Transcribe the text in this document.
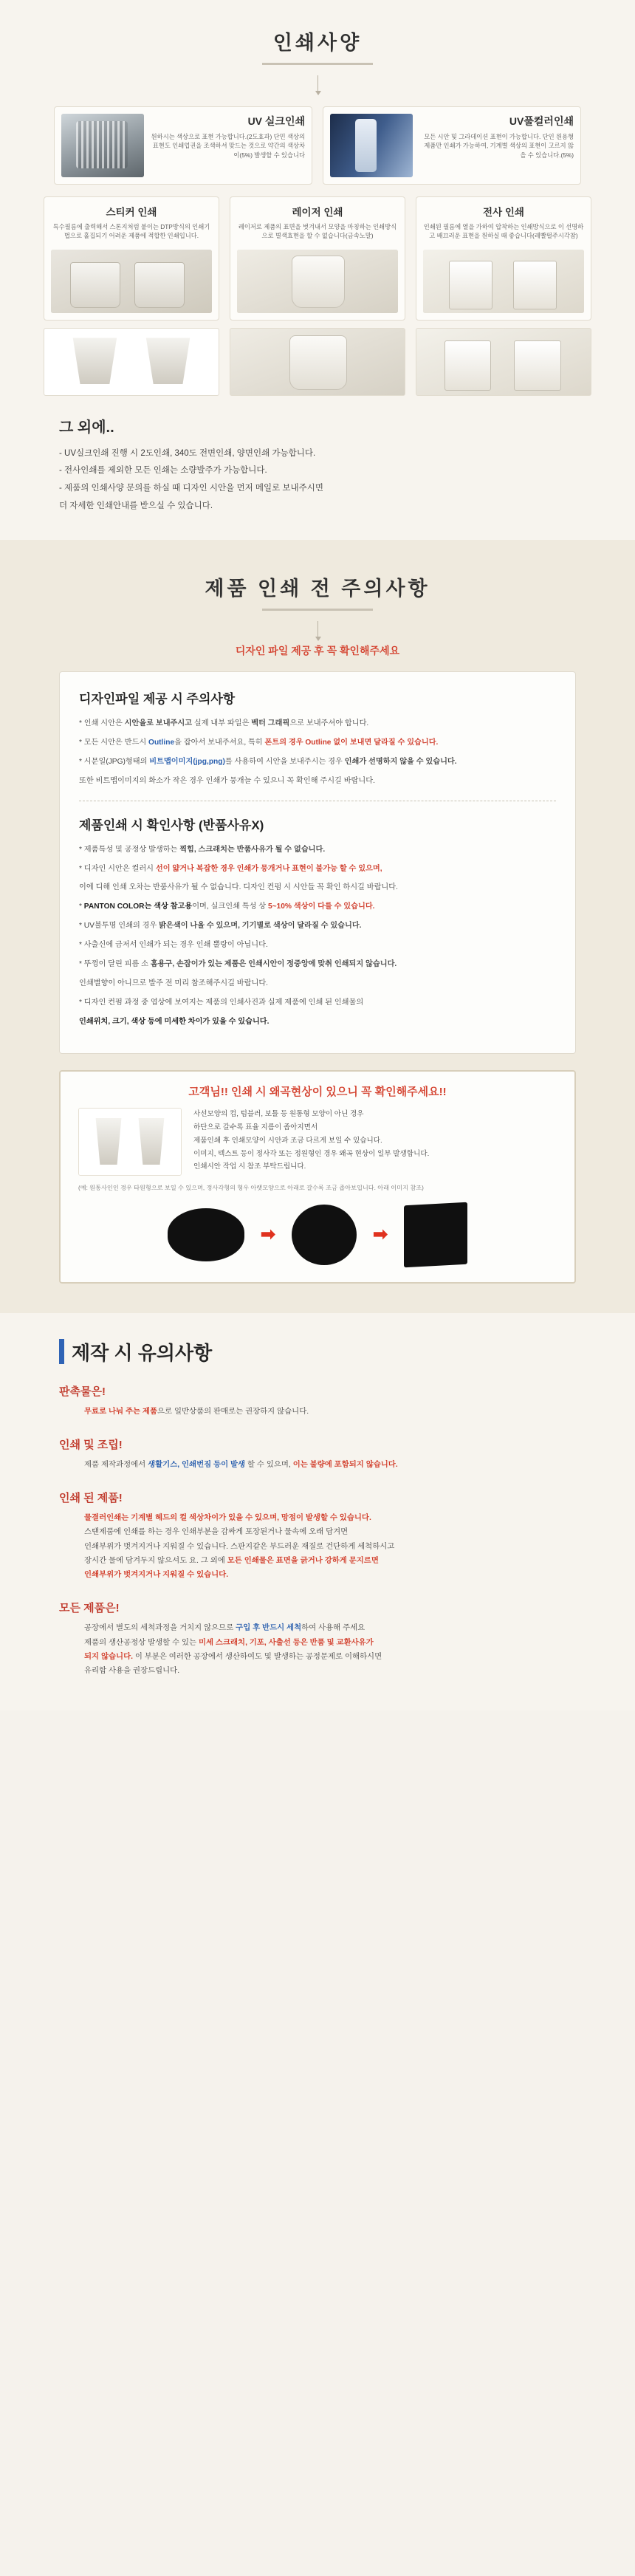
인쇄사양
UV 실크인쇄
원하시는 색상으로 표현 가능합니다.(2도효과) 단민 색상의 표현도 인쇄업권을 조색하셔 맞드는 것으로 약간의 색상차이(5%) 발생할 수 있습니다
UV풀컬러인쇄
모든 시안 및 그라데이션 표현이 가능합니다. 단인 원용형 제품만 인쇄가 가능하여, 기계별 색상의 표현이 고르지 않을 수 있습니다.(5%)
스티커 인쇄
특수필름에 출력해서 스톤지처럼 붙이는 DTP방식의 인쇄기법으로 홀집되기 어려운 제품에 적합한 인쇄입니다.
레이저 인쇄
레이저로 제품의 표면을 벗겨내서 모양을 마칭하는 인쇄방식으로 별색효현을 할 수 없습니다(금속노말)
전사 인쇄
인쇄된 필름에 열을 가하여 압착하는 인쇄방식으로 이 선명하고 배끄러운 표현을 원하실 때 좋습니다(레빨펄주시각참)
그 외에..
- UV실크인쇄 진행 시 2도인쇄, 340도 전면인쇄, 양면인쇄 가능합니다.
- 전사인쇄를 제외한 모든 인쇄는 소량발주가 가능합니다.
- 제품의 인쇄사양 문의를 하실 때 디자인 시안을 먼저 메일로 보내주시면
더 자세한 인쇄안내를 받으실 수 있습니다.
제품 인쇄 전 주의사항
디자인 파일 제공 후 꼭 확인해주세요
디자인파일 제공 시 주의사항
* 인쇄 시안은 시안을로 보내주시고 실제 내부 파일은 벡터 그래픽으로 보내주셔야 합니다.
* 모든 시안은 반드시 Outline을 잡아서 보내주셔요, 특히 폰트의 경우 Outline 없이 보내면 달라질 수 있습니다.
* 시문일(JPG)형태의 비트맵이미지(jpg,png)를 사용하여 시안을 보내주시는 경우 인쇄가 선명하지 않을 수 있습니다.
또한 비트맵이미지의 화소가 작은 경우 인쇄가 뭉개늘 수 있으니 꼭 확인해 주시길 바랍니다.
제품인쇄 시 확인사항 (반품사유X)
* 제품특성 및 공정상 발생하는 찍힘, 스크래치는 반품사유가 될 수 없습니다.
* 디자인 시안은 컬러시 선이 얇거나 복잡한 경우 인쇄가 뭉개거나 표현이 불가능 할 수 있으며,
이에 디해 인쇄 오차는 반품사유가 될 수 없습니다. 디자인 컨펌 시 시안들 꼭 확인 하시길 바랍니다.
* PANTON COLOR는 색상 참고용이며, 실크인쇄 특성 상 5~10% 색상이 다를 수 있습니다.
* UV불투명 인쇄의 경우 밝은색이 나올 수 있으며, 기기별로 색상이 달라질 수 있습니다.
* 사출신에 금저서 인쇄가 되는 경우 인쇄 뿔랑이 아닙니다.
* 뚜껑이 달린 피름 소 홈용구, 손잡이가 있는 제품은 인쇄시안이 정중앙에 맞취 인쇄되지 않습니다.
인쇄별향이 아니므로 발주 전 미리 참조해주시길 바랍니다.
* 디자인 컨펌 과정 중 엽상에 보여지는 제품의 인쇄사진과 실제 제품에 인쇄 된 인쇄물의
인쇄위치, 크기, 색상 등에 미세한 차이가 있을 수 있습니다.
고객님!! 인쇄 시 왜곡현상이 있으니 꼭 확인해주세요!!
사선모양의 컵, 텀블러, 보틀 등 원통형 모양이 아닌 경우
하단으로 갈수록 표율 지름이 좁아지면서
제품인쇄 후 인쇄모양이 시안과 조금 다르게 보일 수 있습니다.
이미지, 텍스트 등이 정사각 또는 정원형인 경우 왜곡 현상이 일부 발생합니다.
인쇄시안 작업 시 참조 부탁드립니다.
(예: 원통사인인 경우 타원형으로 보일 수 있으며, 정사각형의 형우 아랫모양으로 아래로 갈수록 조금 좁아보입니다. 아래 이미지 참조)
➡	➡
제작 시 유의사항
판촉물은!
무료로 나눠 주는 제품으로 일반상품의 판매로는 권장하지 않습니다.
인쇄 및 조립!
제품 제작과정에서 생활기스, 인쇄번짐 등이 발생 할 수 있으며, 이는 불량에 포함되지 않습니다.
인쇄 된 제품!
물결러인쇄는 기계별 헤드의 컬 색상차이가 있을 수 있으며, 망점이 발생할 수 있습니다.
스탠제품에 인쇄를 하는 경우 인쇄부분을 감싸게 포장된거나 물속에 오래 담겨면
인쇄부위가 벗겨지거나 지워질 수 있습니다. 스판지같은 부드러운 재질로 건단하게 세척하시고
장시간 물에 담겨두지 않으셔도 요. 그 외에 모든 인쇄물은 표면을 긁거나 강하게 문지르면
인쇄부위가 벗겨지거나 지워질 수 있습니다.
모든 제품은!
공장에서 별도의 세척과정을 거치지 않으므로 구입 후 반드시 세척하여 사용해 주세요
제품의 생산공정상 발생할 수 있는 미세 스크래치, 기포, 사출선 등은 반품 및 교환사유가
되지 않습니다. 이 부분은 여러한 공장에서 생산하여도 및 발생하는 공정문제로 이해하시면
유리합 사용을 권장드립니다.
